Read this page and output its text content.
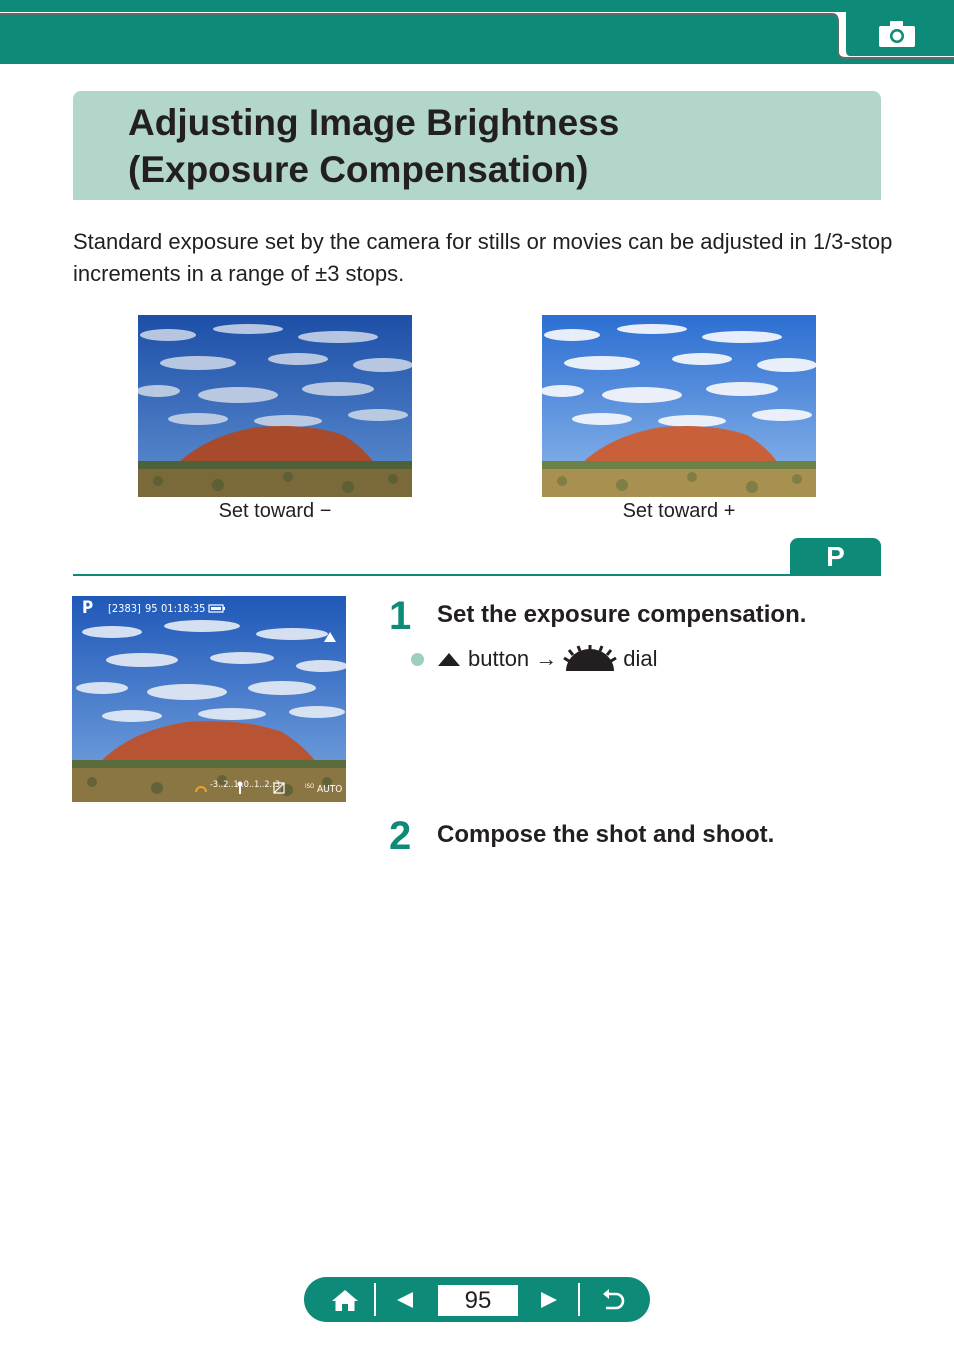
Adjusting Image Brightness
(Exposure Compensation)
Standard exposure set by the camera for stills or movies can be adjusted in 1/3-stop increments in a range of ±3 stops.
Set toward −	Set toward +
P
P [2383] 95 01:18:35
-3..2..1..0..1..2.:3	ISO AUTO
1 Set the exposure compensation.
button →	dial
2 Compose the shot and shoot.
95
